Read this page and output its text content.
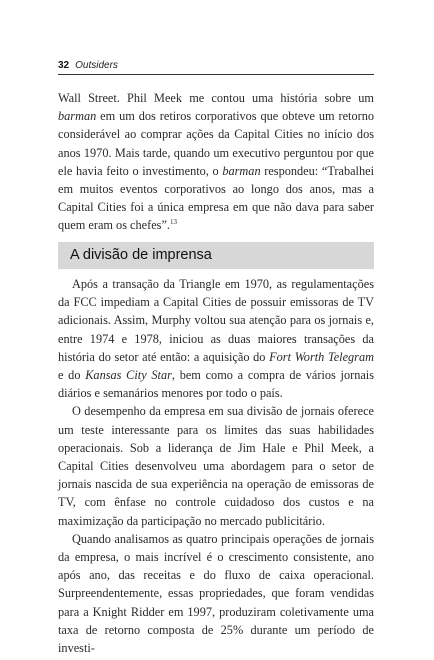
32 Outsiders

Wall Street. Phil Meek me contou uma história sobre um barman em um dos retiros corporativos que obteve um retorno considerável ao comprar ações da Capital Cities no início dos anos 1970. Mais tarde, quando um executivo perguntou por que ele havia feito o investimento, o barman respondeu: “Trabalhei em muitos eventos corporativos ao longo dos anos, mas a Capital Cities foi a única empresa em que não dava para saber quem eram os chefes”.$^{13}$

A divisão de imprensa

Após a transação da Triangle em 1970, as regulamentações da FCC impediam a Capital Cities de possuir emissoras de TV adicionais. Assim, Murphy voltou sua atenção para os jornais e, entre 1974 e 1978, iniciou as duas maiores transações da história do setor até então: a aquisição do Fort Worth Telegram e do Kansas City Star, bem como a compra de vários jornais diários e semanários menores por todo o país.

O desempenho da empresa em sua divisão de jornais oferece um teste interessante para os limites das suas habilidades operacionais. Sob a liderança de Jim Hale e Phil Meek, a Capital Cities desenvolveu uma abordagem para o setor de jornais nascida de sua experiência na operação de emissoras de TV, com ênfase no controle cuidadoso dos custos e na maximização da participação no mercado publicitário.

Quando analisamos as quatro principais operações de jornais da empresa, o mais incrível é o crescimento consistente, ano após ano, das receitas e do fluxo de caixa operacional. Surpreendentemente, essas propriedades, que foram vendidas para a Knight Ridder em 1997, produziram coletivamente uma taxa de retorno composta de 25% durante um período de investi-
